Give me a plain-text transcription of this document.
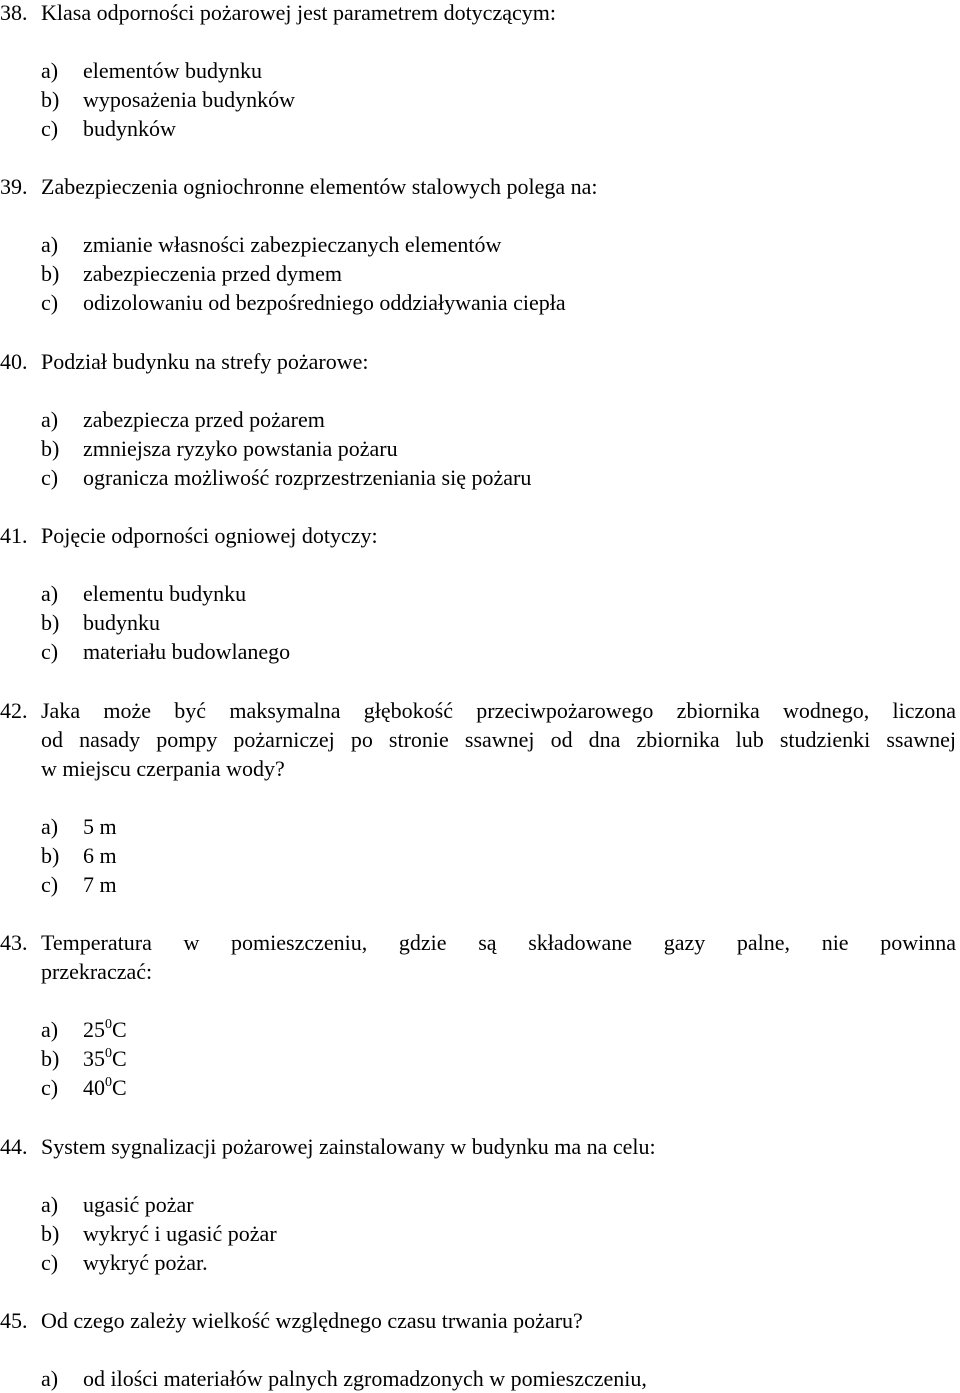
38. Klasa odporności pożarowej jest parametrem dotyczącym:
a)	elementów budynku
b)	wyposażenia budynków
c)	budynków
39. Zabezpieczenia ogniochronne elementów stalowych polega na:
a)	zmianie własności zabezpieczanych elementów
b)	zabezpieczenia przed dymem
c)	odizolowaniu od bezpośredniego oddziaływania ciepła
40. Podział budynku na strefy pożarowe:
a)	zabezpiecza przed pożarem
b)	zmniejsza ryzyko powstania pożaru
c)	ogranicza możliwość rozprzestrzeniania się pożaru
41. Pojęcie odporności ogniowej dotyczy:
a)	elementu budynku
b)	budynku
c)	materiału budowlanego
42. Jaka może być maksymalna głębokość przeciwpożarowego zbiornika wodnego, liczona
od nasady pompy pożarniczej po stronie ssawnej od dna zbiornika lub studzienki ssawnej
w miejscu czerpania wody?
a)	5 m
b)	6 m
c)	7 m
43. Temperatura w pomieszczeniu, gdzie są składowane gazy palne, nie powinna
przekraczać:
a)	$25^0C$
b)	$35^0C$
c)	$40^0C$
44. System sygnalizacji pożarowej zainstalowany w budynku ma na celu:
a)	ugasić pożar
b)	wykryć i ugasić pożar
c)	wykryć pożar.
45. Od czego zależy wielkość względnego czasu trwania pożaru?
a)	od ilości materiałów palnych zgromadzonych w pomieszczeniu,
